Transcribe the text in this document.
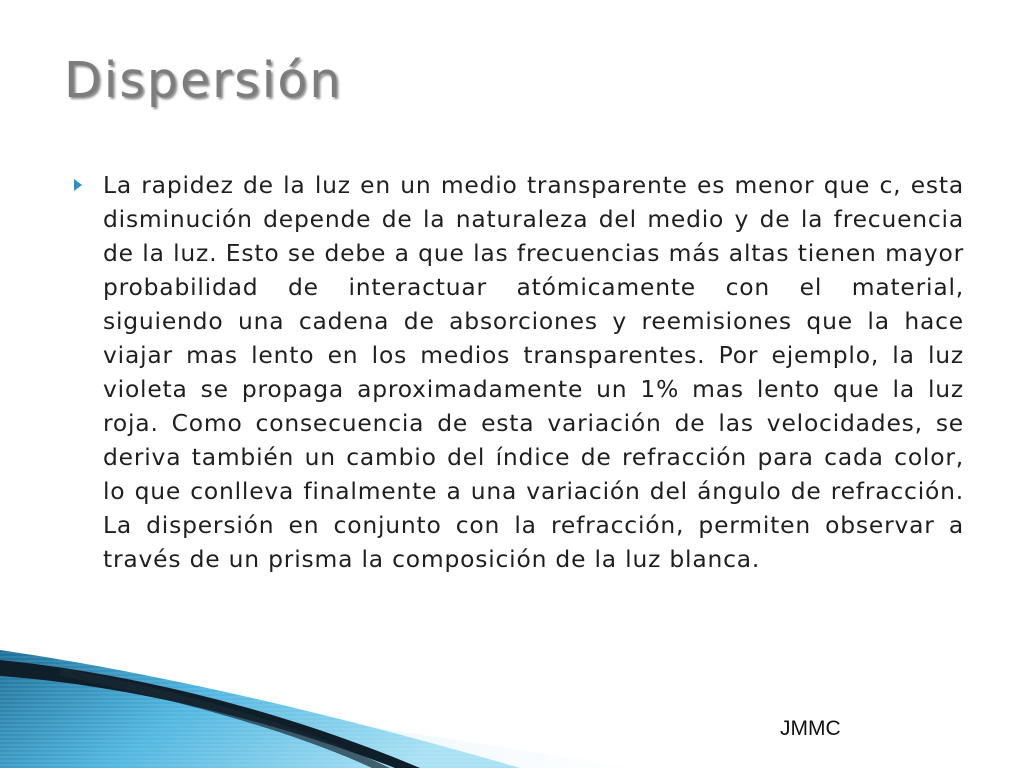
Dispersión

La rapidez de la luz en un medio transparente es menor que c, esta disminución depende de la naturaleza del medio y de la frecuencia de la luz. Esto se debe a que las frecuencias más altas tienen mayor probabilidad de interactuar atómicamente con el material, siguiendo una cadena de absorciones y reemisiones que la hace viajar mas lento en los medios transparentes. Por ejemplo, la luz violeta se propaga aproximadamente un 1% mas lento que la luz roja. Como consecuencia de esta variación de las velocidades, se deriva también un cambio del índice de refracción para cada color, lo que conlleva finalmente a una variación del ángulo de refracción. La dispersión en conjunto con la refracción, permiten observar a través de un prisma la composición de la luz blanca.

JMMC
